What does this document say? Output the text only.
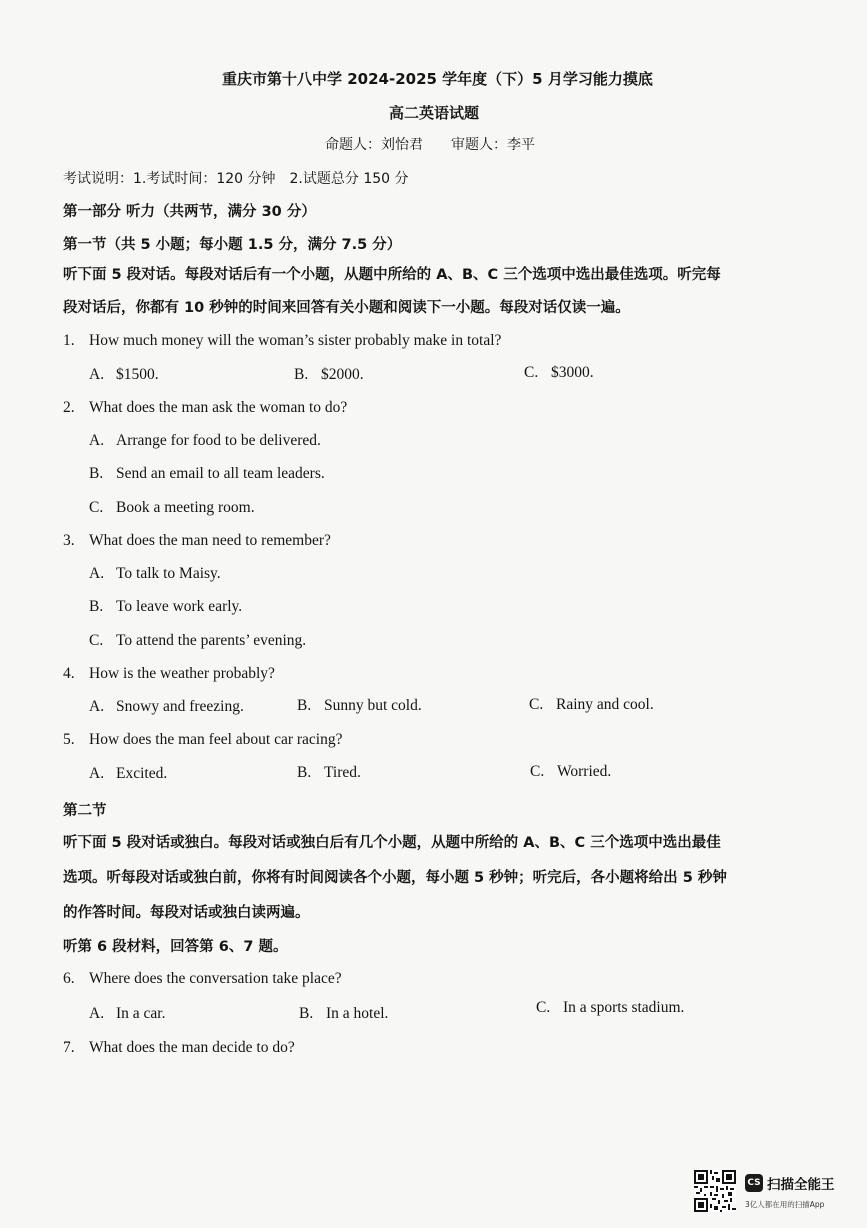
重庆市第十八中学 2024-2025 学年度（下）5 月学习能力摸底
高二英语试题
命题人：刘怡君　　审题人：李平
考试说明：1.考试时间：120 分钟　2.试题总分 150 分
第一部分 听力（共两节，满分 30 分）
第一节（共 5 小题；每小题 1.5 分，满分 7.5 分）
听下面 5 段对话。每段对话后有一个小题，从题中所给的 A、B、C 三个选项中选出最佳选项。听完每
段对话后，你都有 10 秒钟的时间来回答有关小题和阅读下一小题。每段对话仅读一遍。
1. How much money will the woman’s sister probably make in total?
A. $1500.	B. $2000.	C. $3000.
2. What does the man ask the woman to do?
A. Arrange for food to be delivered.
B. Send an email to all team leaders.
C. Book a meeting room.
3. What does the man need to remember?
A. To talk to Maisy.
B. To leave work early.
C. To attend the parents’ evening.
4. How is the weather probably?
A. Snowy and freezing.	B. Sunny but cold.	C. Rainy and cool.
5. How does the man feel about car racing?
A. Excited.	B. Tired.	C. Worried.
第二节
听下面 5 段对话或独白。每段对话或独白后有几个小题，从题中所给的 A、B、C 三个选项中选出最佳
选项。听每段对话或独白前，你将有时间阅读各个小题，每小题 5 秒钟；听完后，各小题将给出 5 秒钟
的作答时间。每段对话或独白读两遍。
听第 6 段材料，回答第 6、7 题。
6. Where does the conversation take place?
A. In a car.	B. In a hotel.	C. In a sports stadium.
7. What does the man decide to do?
CS 扫描全能王
3亿人都在用的扫描App
